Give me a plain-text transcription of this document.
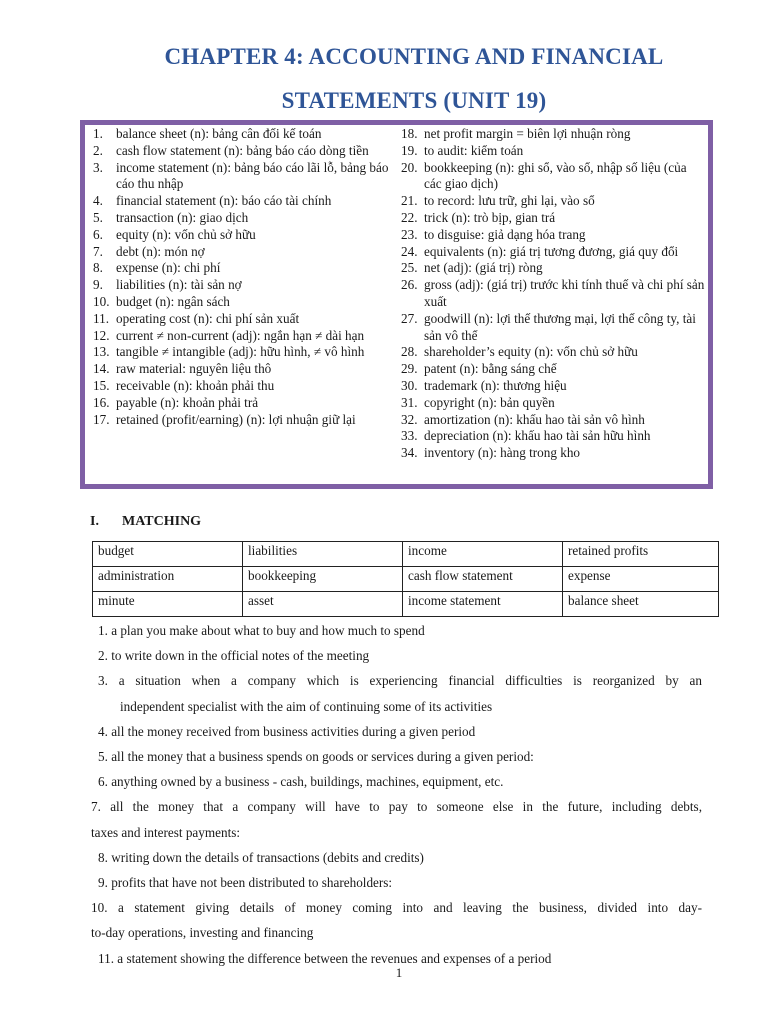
CHAPTER 4: ACCOUNTING AND FINANCIAL
STATEMENTS (UNIT 19)
1. balance sheet (n): bảng cân đối kế toán
2. cash flow statement (n): bảng báo cáo dòng tiền
3. income statement (n): bảng báo cáo lãi lỗ, bảng báo cáo thu nhập
4. financial statement (n): báo cáo tài chính
5. transaction (n): giao dịch
6. equity (n): vốn chủ sở hữu
7. debt (n): món nợ
8. expense (n): chi phí
9. liabilities (n): tài sản nợ
10. budget (n): ngân sách
11. operating cost (n): chi phí sản xuất
12. current ≠ non-current (adj): ngắn hạn ≠ dài hạn
13. tangible ≠ intangible (adj): hữu hình, ≠ vô hình
14. raw material: nguyên liệu thô
15. receivable (n): khoản phải thu
16. payable (n): khoản phải trả
17. retained (profit/earning) (n): lợi nhuận giữ lại
18. net profit margin = biên lợi nhuận ròng
19. to audit: kiểm toán
20. bookkeeping (n): ghi sổ, vào sổ, nhập số liệu (của các giao dịch)
21. to record: lưu trữ, ghi lại, vào sổ
22. trick (n): trò bịp, gian trá
23. to disguise: giả dạng hóa trang
24. equivalents (n): giá trị tương đương, giá quy đổi
25. net (adj): (giá trị) ròng
26. gross (adj): (giá trị) trước khi tính thuế và chi phí sản xuất
27. goodwill (n): lợi thế thương mại, lợi thế công ty, tài sản vô thể
28. shareholder’s equity (n): vốn chủ sở hữu
29. patent (n): bằng sáng chế
30. trademark (n): thương hiệu
31. copyright (n): bản quyền
32. amortization (n): khấu hao tài sản vô hình
33. depreciation (n): khấu hao tài sản hữu hình
34. inventory (n): hàng trong kho
I. MATCHING
budget	liabilities	income	retained profits
administration	bookkeeping	cash flow statement	expense
minute	asset	income statement	balance sheet
1. a plan you make about what to buy and how much to spend
2. to write down in the official notes of the meeting
3. a situation when a company which is experiencing financial difficulties is reorganized by an
independent specialist with the aim of continuing some of its activities
4. all the money received from business activities during a given period
5. all the money that a business spends on goods or services during a given period:
6. anything owned by a business - cash, buildings, machines, equipment, etc.
7. all the money that a company will have to pay to someone else in the future, including debts,
taxes and interest payments:
8. writing down the details of transactions (debits and credits)
9. profits that have not been distributed to shareholders:
10. a statement giving details of money coming into and leaving the business, divided into day-
to-day operations, investing and financing
11. a statement showing the difference between the revenues and expenses of a period
1
